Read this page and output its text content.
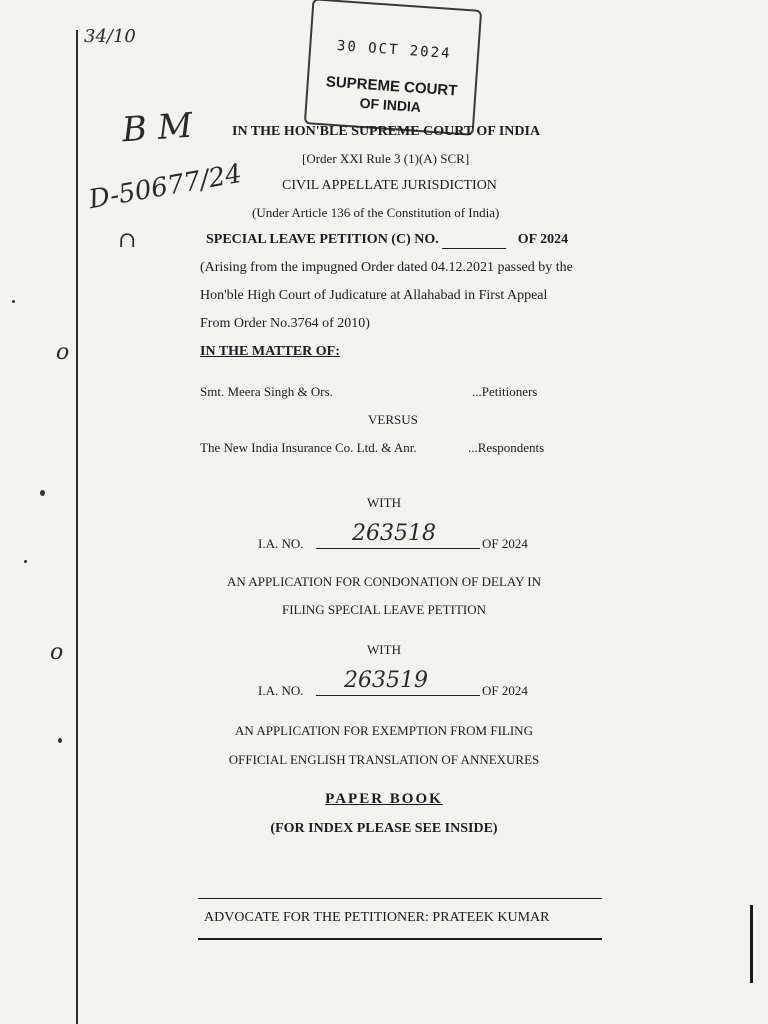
o
o
34/10
B M
D-50677/24
∩
30 OCT 2024
SUPREME COURT
OF INDIA
IN THE HON'BLE SUPREME COURT OF INDIA
[Order XXI Rule 3 (1)(A) SCR]
CIVIL APPELLATE JURISDICTION
(Under Article 136 of the Constitution of India)
SPECIAL LEAVE PETITION (C) NO.	OF 2024
(Arising from the impugned Order dated 04.12.2021 passed by the
Hon'ble High Court of Judicature at Allahabad in First Appeal
From Order No.3764 of 2010)
IN THE MATTER OF:
Smt. Meera Singh & Ors.	...Petitioners
VERSUS
The New India Insurance Co. Ltd. & Anr.	...Respondents
WITH
I.A. NO. 263518	OF 2024
AN APPLICATION FOR CONDONATION OF DELAY IN
FILING SPECIAL LEAVE PETITION
WITH
I.A. NO. 263519	OF 2024
AN APPLICATION FOR EXEMPTION FROM FILING
OFFICIAL ENGLISH TRANSLATION OF ANNEXURES
PAPER BOOK
(FOR INDEX PLEASE SEE INSIDE)
ADVOCATE FOR THE PETITIONER: PRATEEK KUMAR
